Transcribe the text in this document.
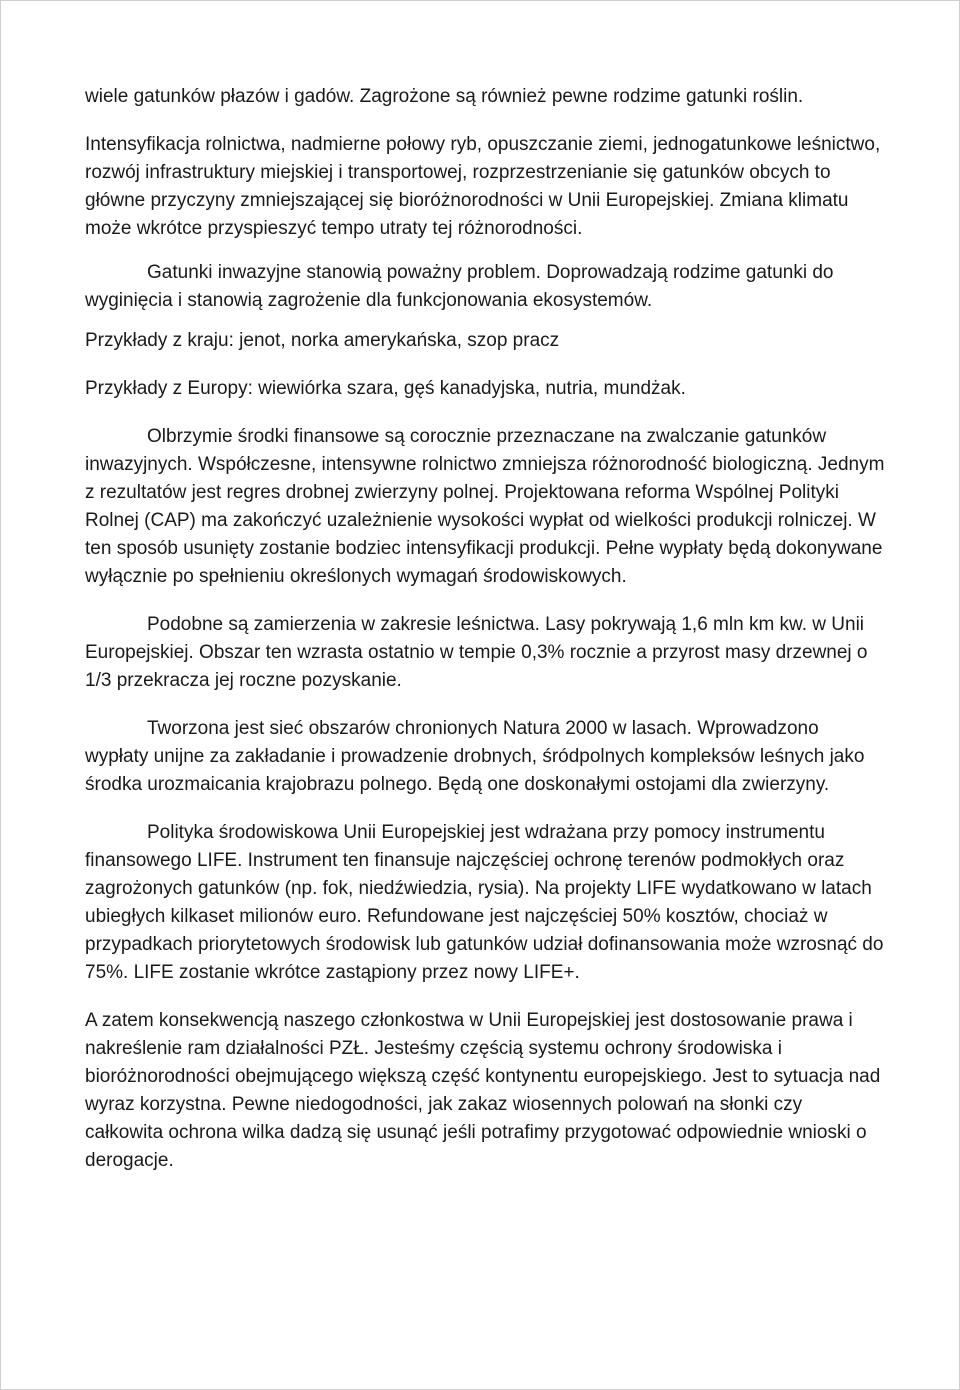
wiele gatunków płazów i gadów. Zagrożone są również pewne rodzime gatunki roślin.

Intensyfikacja rolnictwa, nadmierne połowy ryb, opuszczanie ziemi, jednogatunkowe leśnictwo, rozwój infrastruktury miejskiej i transportowej, rozprzestrzenianie się gatunków obcych to główne przyczyny zmniejszającej się bioróżnorodności w Unii Europejskiej. Zmiana klimatu może wkrótce przyspieszyć tempo utraty tej różnorodności.

Gatunki inwazyjne stanowią poważny problem. Doprowadzają rodzime gatunki do wyginięcia i stanowią zagrożenie dla funkcjonowania ekosystemów.

Przykłady z kraju: jenot, norka amerykańska, szop pracz

Przykłady z Europy: wiewiórka szara, gęś kanadyjska, nutria, mundżak.

Olbrzymie środki finansowe są corocznie przeznaczane na zwalczanie gatunków inwazyjnych. Współczesne, intensywne rolnictwo zmniejsza różnorodność biologiczną. Jednym z rezultatów jest regres drobnej zwierzyny polnej. Projektowana reforma Wspólnej Polityki Rolnej (CAP) ma zakończyć uzależnienie wysokości wypłat od wielkości produkcji rolniczej. W ten sposób usunięty zostanie bodziec intensyfikacji produkcji. Pełne wypłaty będą dokonywane wyłącznie po spełnieniu określonych wymagań środowiskowych.

Podobne są zamierzenia w zakresie leśnictwa. Lasy pokrywają 1,6 mln km kw. w Unii Europejskiej. Obszar ten wzrasta ostatnio w tempie 0,3% rocznie a przyrost masy drzewnej o 1/3 przekracza jej roczne pozyskanie.

Tworzona jest sieć obszarów chronionych Natura 2000 w lasach. Wprowadzono wypłaty unijne za zakładanie i prowadzenie drobnych, śródpolnych kompleksów leśnych jako środka urozmaicania krajobrazu polnego. Będą one doskonałymi ostojami dla zwierzyny.

Polityka środowiskowa Unii Europejskiej jest wdrażana przy pomocy instrumentu finansowego LIFE. Instrument ten finansuje najczęściej ochronę terenów podmokłych oraz zagrożonych gatunków (np. fok, niedźwiedzia, rysia). Na projekty LIFE wydatkowano w latach ubiegłych kilkaset milionów euro. Refundowane jest najczęściej 50% kosztów, chociaż w przypadkach priorytetowych środowisk lub gatunków udział dofinansowania może wzrosnąć do 75%. LIFE zostanie wkrótce zastąpiony przez nowy LIFE+.

A zatem konsekwencją naszego członkostwa w Unii Europejskiej jest dostosowanie prawa i nakreślenie ram działalności PZŁ. Jesteśmy częścią systemu ochrony środowiska i bioróżnorodności obejmującego większą część kontynentu europejskiego. Jest to sytuacja nad wyraz korzystna. Pewne niedogodności, jak zakaz wiosennych polowań na słonki czy całkowita ochrona wilka dadzą się usunąć jeśli potrafimy przygotować odpowiednie wnioski o derogacje.
